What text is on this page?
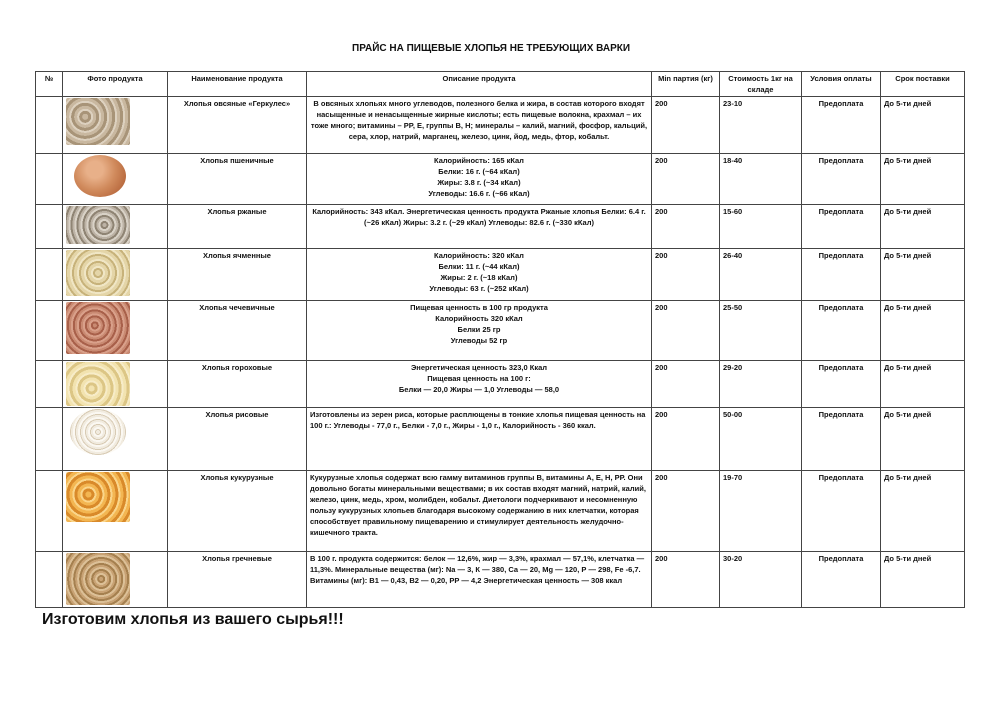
ПРАЙС НА ПИЩЕВЫЕ ХЛОПЬЯ НЕ ТРЕБУЮЩИХ ВАРКИ
№	Фото продукта	Наименование продукта	Описание продукта	Min партия (кг)	Стоимость 1кг на складе	Условия оплаты	Срок поставки

	Хлопья овсяные «Геркулес»	В овсяных хлопьях много углеводов, полезного белка и жира, в состав которого входят насыщенные и ненасыщенные жирные кислоты; есть пищевые волокна, крахмал – их тоже много; витамины – PP, E, группы B, H; минералы – калий, магний, фосфор, кальций, сера, хлор, натрий, марганец, железо, цинк, йод, медь, фтор, кобальт.	200	23-10	Предоплата	До 5-ти дней

	Хлопья пшеничные	Калорийность: 165 кКал
Белки: 16 г. (~64 кКал)
Жиры: 3.8 г. (~34 кКал)
Углеводы: 16.6 г. (~66 кКал)	200	18-40	Предоплата	До 5-ти дней

	Хлопья ржаные	Калорийность: 343 кКал. Энергетическая ценность продукта Ржаные хлопья Белки: 6.4 г. (~26 кКал) Жиры: 3.2 г. (~29 кКал) Углеводы: 82.6 г. (~330 кКал)	200	15-60	Предоплата	До 5-ти дней

	Хлопья ячменные	Калорийность: 320 кКал
Белки: 11 г. (~44 кКал)
Жиры: 2 г. (~18 кКал)
Углеводы: 63 г. (~252 кКал)	200	26-40	Предоплата	До 5-ти дней

	Хлопья чечевичные	Пищевая ценность в 100 гр продукта
Калорийность 320 кКал
Белки 25 гр
Углеводы 52 гр	200	25-50	Предоплата	До 5-ти дней

	Хлопья гороховые	Энергетическая ценность 323,0 Ккал
Пищевая ценность на 100 г:
Белки — 20,0 Жиры — 1,0 Углеводы — 58,0	200	29-20	Предоплата	До 5-ти дней

	Хлопья рисовые	Изготовлены из зерен риса, которые расплющены в тонкие хлопья пищевая ценность на 100 г.: Углеводы - 77,0 г., Белки - 7,0 г., Жиры - 1,0 г., Калорийность - 360 ккал.	200	50-00	Предоплата	До 5-ти дней

	Хлопья кукурузные	Кукурузные хлопья содержат всю гамму витаминов группы В, витамины А, Е, Н, РР. Они довольно богаты минеральными веществами; в их состав входят магний, натрий, калий, железо, цинк, медь, хром, молибден, кобальт. Диетологи подчеркивают и несомненную пользу кукурузных хлопьев благодаря высокому содержанию в них клетчатки, которая способствует правильному пищеварению и стимулирует деятельность желудочно-кишечного тракта.	200	19-70	Предоплата	До 5-ти дней

	Хлопья гречневые	В 100 г. продукта содержится: белок — 12,6%, жир — 3,3%, крахмал — 57,1%, клетчатка — 11,3%. Минеральные вещества (мг): Na — 3, К — 380, Са — 20, Mg — 120, Р — 298, Fe -6,7. Витамины (мг): В1 — 0,43, В2 — 0,20, РР — 4,2 Энергетическая ценность — 308 ккал	200	30-20	Предоплата	До 5-ти дней
Изготовим хлопья из вашего сырья!!!
